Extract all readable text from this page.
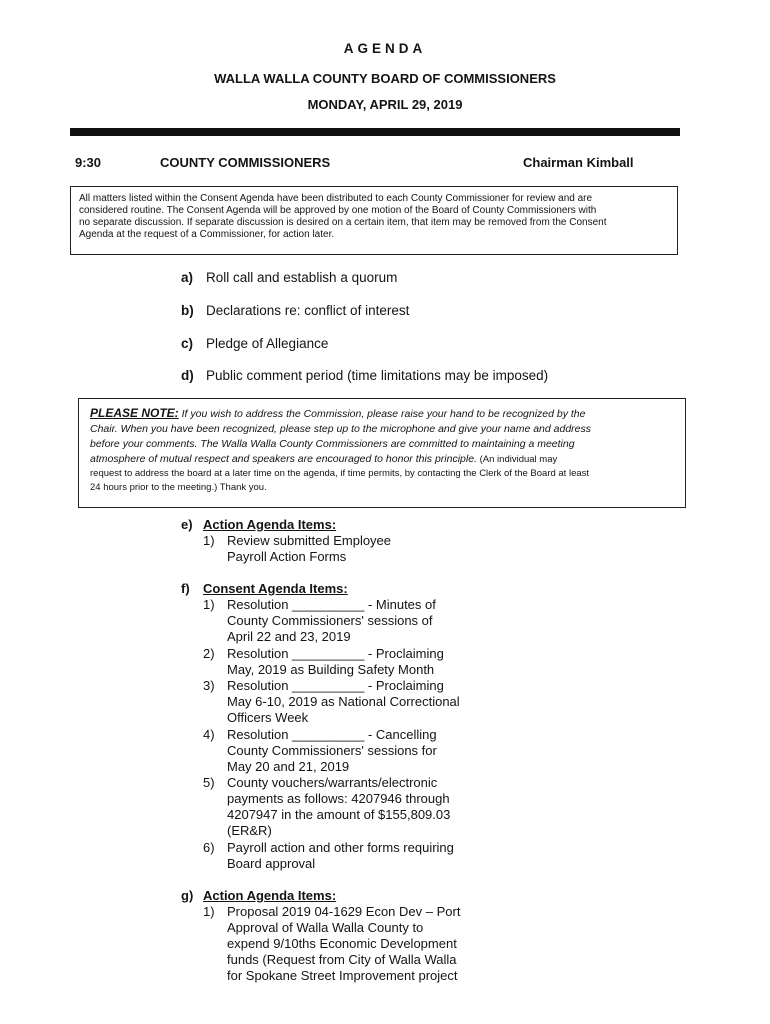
AGENDA
WALLA WALLA COUNTY BOARD OF COMMISSIONERS
MONDAY, APRIL 29, 2019
9:30	COUNTY COMMISSIONERS	Chairman Kimball
All matters listed within the Consent Agenda have been distributed to each County Commissioner for review and are
considered routine. The Consent Agenda will be approved by one motion of the Board of County Commissioners with
no separate discussion. If separate discussion is desired on a certain item, that item may be removed from the Consent
Agenda at the request of a Commissioner, for action later.
a) Roll call and establish a quorum
b) Declarations re: conflict of interest
c) Pledge of Allegiance
d) Public comment period (time limitations may be imposed)
PLEASE NOTE: If you wish to address the Commission, please raise your hand to be recognized by the
Chair. When you have been recognized, please step up to the microphone and give your name and address
before your comments. The Walla Walla County Commissioners are committed to maintaining a meeting
atmosphere of mutual respect and speakers are encouraged to honor this principle. (An individual may
request to address the board at a later time on the agenda, if time permits, by contacting the Clerk of the Board at least
24 hours prior to the meeting.) Thank you.
e) Action Agenda Items:
1) Review submitted Employee
Payroll Action Forms
f) Consent Agenda Items:
1) Resolution __________ - Minutes of
County Commissioners' sessions of
April 22 and 23, 2019
2) Resolution __________ - Proclaiming
May, 2019 as Building Safety Month
3) Resolution __________ - Proclaiming
May 6-10, 2019 as National Correctional
Officers Week
4) Resolution __________ - Cancelling
County Commissioners' sessions for
May 20 and 21, 2019
5) County vouchers/warrants/electronic
payments as follows: 4207946 through
4207947 in the amount of $155,809.03
(ER&R)
6) Payroll action and other forms requiring
Board approval
g) Action Agenda Items:
1) Proposal 2019 04-1629 Econ Dev – Port
Approval of Walla Walla County to
expend 9/10ths Economic Development
funds (Request from City of Walla Walla
for Spokane Street Improvement project
